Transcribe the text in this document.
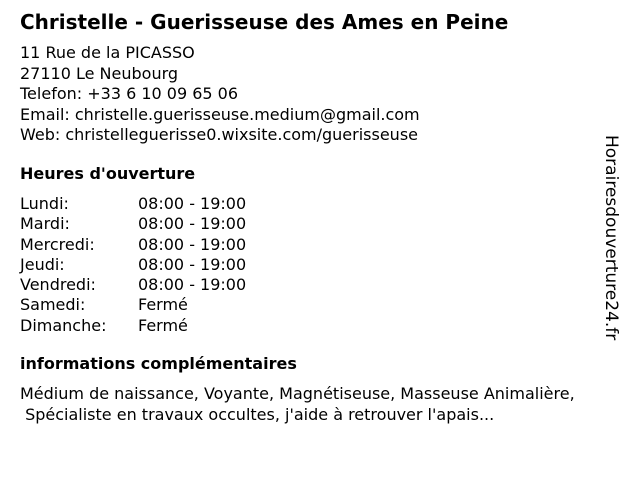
Christelle - Guerisseuse des Ames en Peine
11 Rue de la PICASSO
27110 Le Neubourg
Telefon: +33 6 10 09 65 06
Email: christelle.guerisseuse.medium@gmail.com
Web: christelleguerisse0.wixsite.com/guerisseuse
Heures d'ouverture
Lundi:	08:00 - 19:00
Mardi:	08:00 - 19:00
Mercredi:	08:00 - 19:00
Jeudi:	08:00 - 19:00
Vendredi:	08:00 - 19:00
Samedi:	Fermé
Dimanche:	Fermé
informations complémentaires
Médium de naissance, Voyante, Magnétiseuse, Masseuse Animalière,
Spécialiste en travaux occultes, j'aide à retrouver l'apais...
Horairesdouverture24.fr
